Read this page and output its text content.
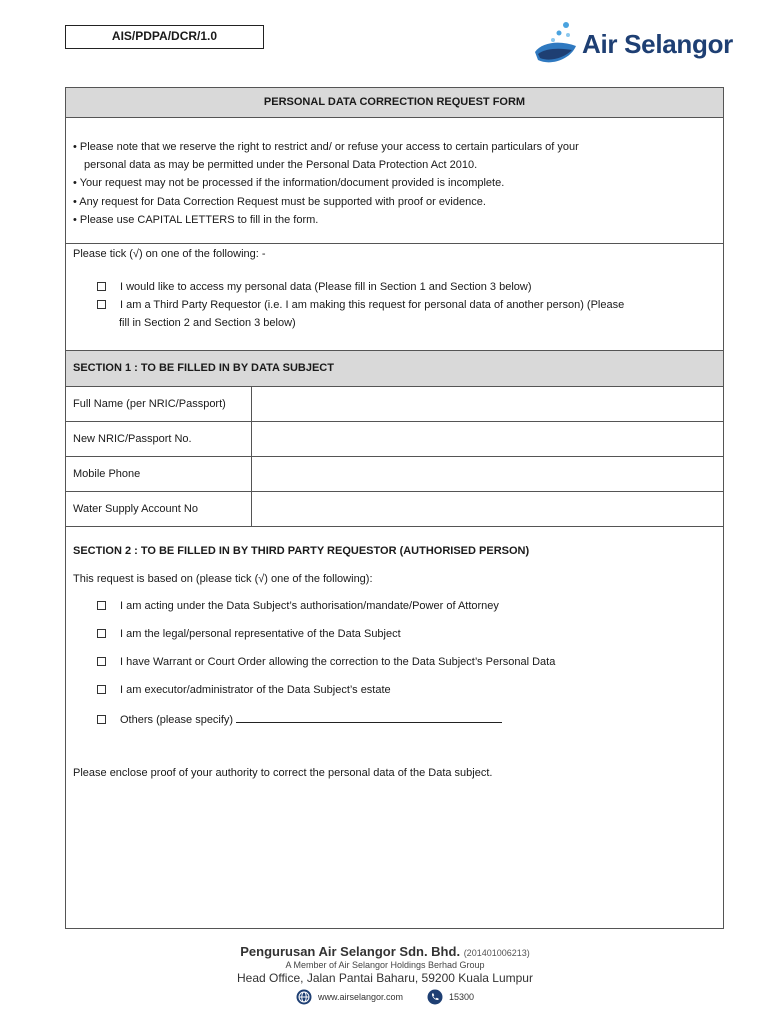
AIS/PDPA/DCR/1.0	Air Selangor
PERSONAL DATA CORRECTION REQUEST FORM
• Please note that we reserve the right to restrict and/ or refuse your access to certain particulars of your
personal data as may be permitted under the Personal Data Protection Act 2010.
• Your request may not be processed if the information/document provided is incomplete.
• Any request for Data Correction Request must be supported with proof or evidence.
• Please use CAPITAL LETTERS to fill in the form.
Please tick (√) on one of the following: -
I would like to access my personal data (Please fill in Section 1 and Section 3 below)
I am a Third Party Requestor (i.e. I am making this request for personal data of another person) (Please
fill in Section 2 and Section 3 below)
SECTION 1 : TO BE FILLED IN BY DATA SUBJECT
Full Name (per NRIC/Passport)
New NRIC/Passport No.
Mobile Phone
Water Supply Account No
SECTION 2 : TO BE FILLED IN BY THIRD PARTY REQUESTOR (AUTHORISED PERSON)
This request is based on (please tick (√) one of the following):
I am acting under the Data Subject’s authorisation/mandate/Power of Attorney
I am the legal/personal representative of the Data Subject
I have Warrant or Court Order allowing the correction to the Data Subject’s Personal Data
I am executor/administrator of the Data Subject’s estate
Others (please specify)
Please enclose proof of your authority to correct the personal data of the Data subject.
Pengurusan Air Selangor Sdn. Bhd. (201401006213)
A Member of Air Selangor Holdings Berhad Group
Head Office, Jalan Pantai Baharu, 59200 Kuala Lumpur
www.airselangor.com	15300
